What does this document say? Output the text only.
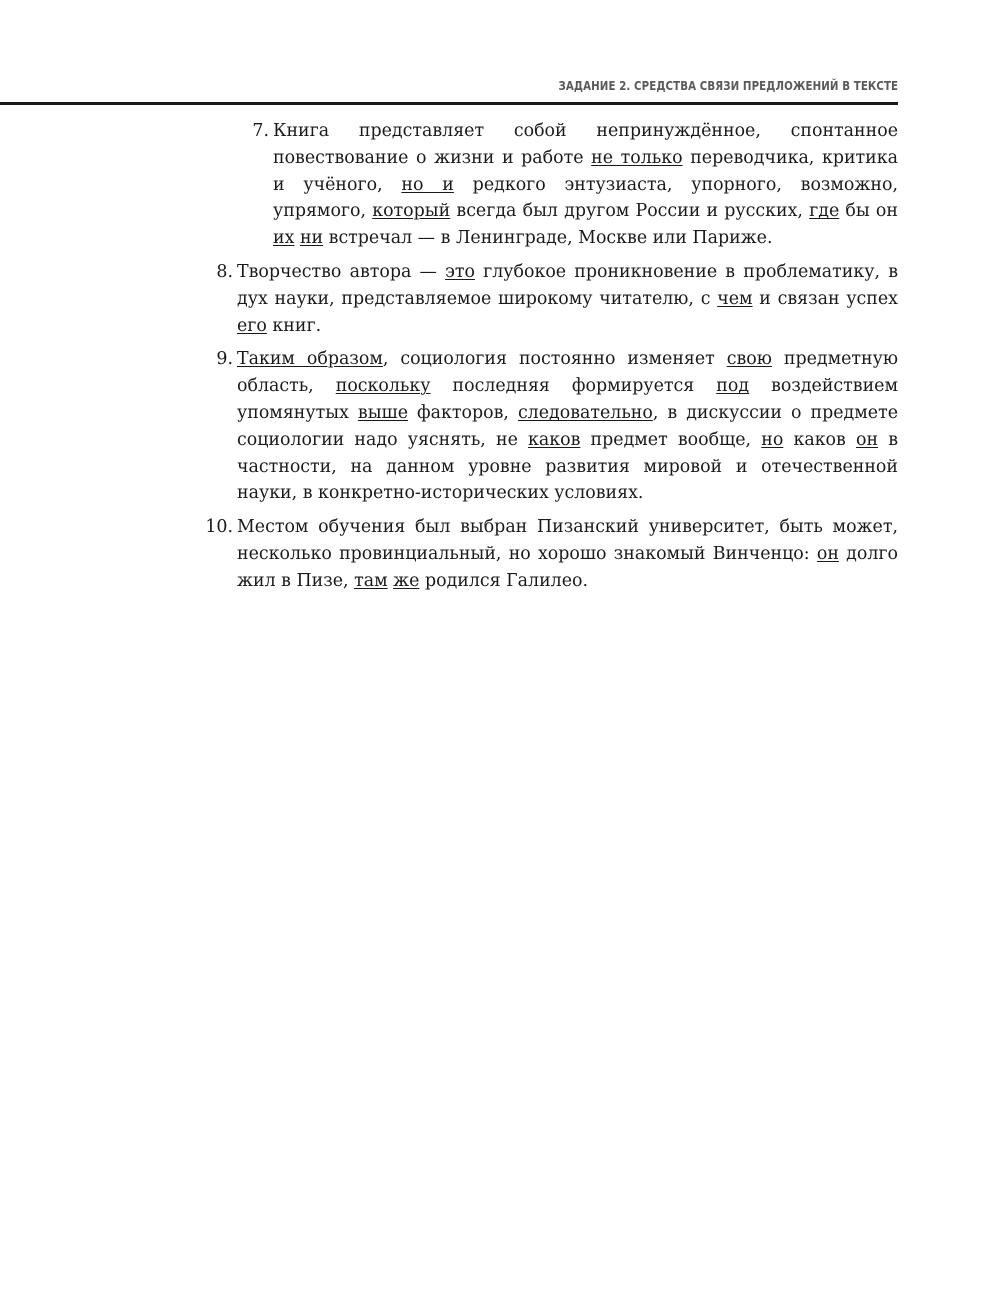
ЗАДАНИЕ 2. СРЕДСТВА СВЯЗИ ПРЕДЛОЖЕНИЙ В ТЕКСТЕ
7. Книга представляет собой непринуждённое, спонтанное повествование о жизни и работе не только переводчика, критика и учёного, но и редкого энтузиаста, упорного, возможно, упрямого, который всегда был другом России и русских, где бы он их ни встречал — в Ленинграде, Москве или Париже.
8. Творчество автора — это глубокое проникновение в проблематику, в дух науки, представляемое широкому читателю, с чем и связан успех его книг.
9. Таким образом, социология постоянно изменяет свою предметную область, поскольку последняя формируется под воздействием упомянутых выше факторов, следовательно, в дискуссии о предмете социологии надо уяснять, не каков предмет вообще, но каков он в частности, на данном уровне развития мировой и отечественной науки, в конкретно-исторических условиях.
10. Местом обучения был выбран Пизанский университет, быть может, несколько провинциальный, но хорошо знакомый Винченцо: он долго жил в Пизе, там же родился Галилео.
